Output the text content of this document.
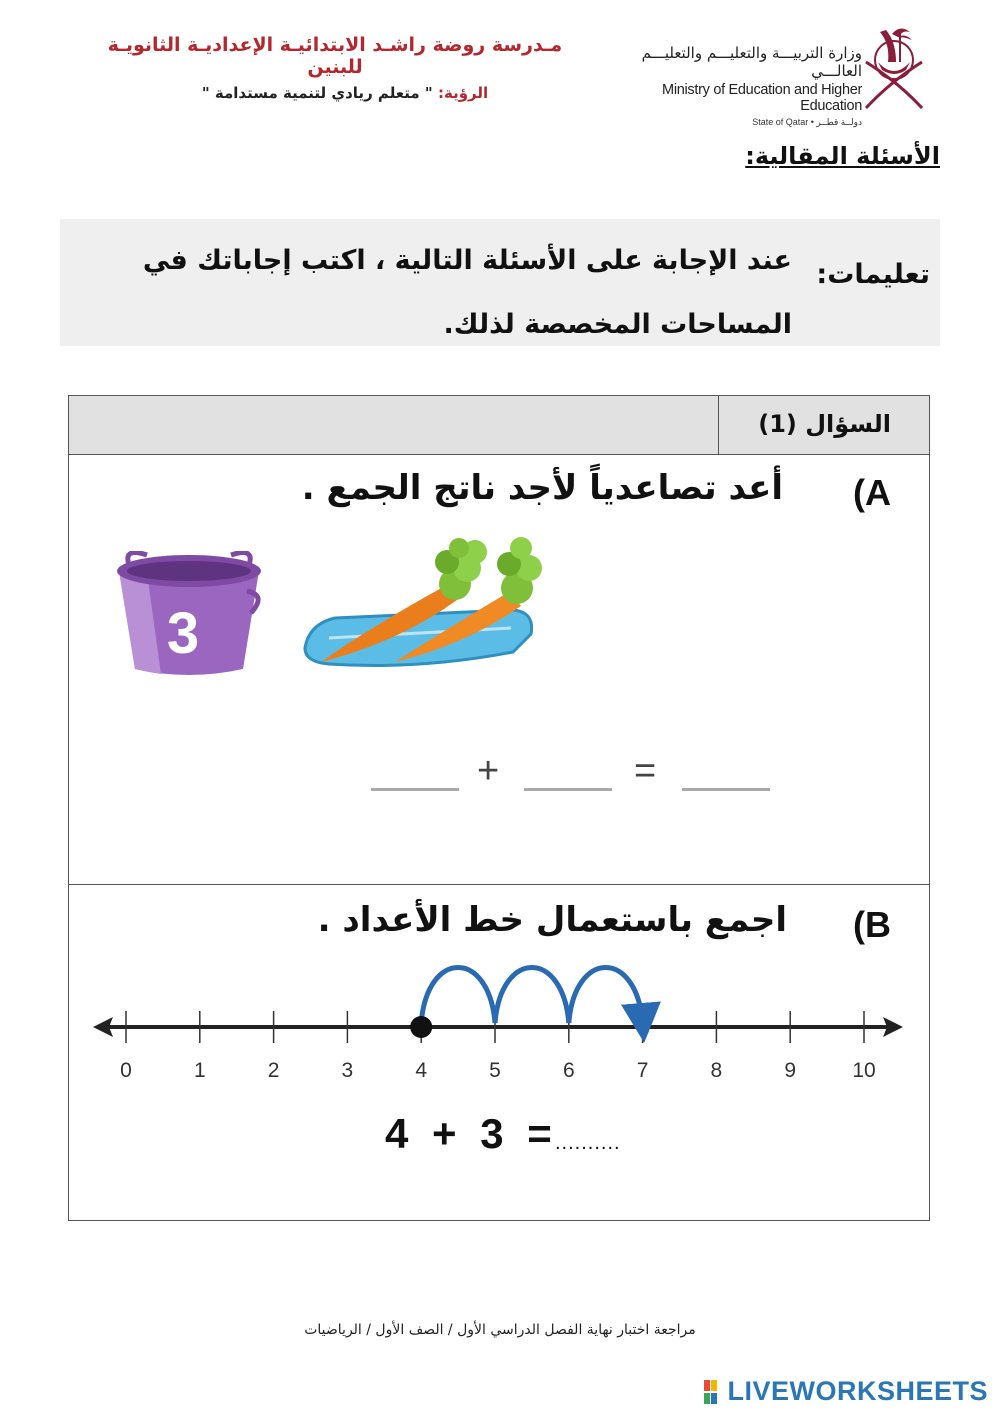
مـدرسة روضة راشـد الابتدائيـة الإعداديـة الثانويـة للبنين
الرؤية: " متعلم ريادي لتنمية مستدامة "
وزارة التربيـــة والتعليـــم والتعليـــم العالـــي
Ministry of Education and Higher Education
State of Qatar • دولــة قطــر
الأسئلة المقالية:
تعليمات:
عند الإجابة على الأسئلة التالية ، اكتب إجاباتك في المساحات المخصصة لذلك.
السؤال (1)
(A
أعد تصاعدياً لأجد ناتج الجمع .
3
+	=
(B
اجمع باستعمال خط الأعداد .
0	1	2	3	4	5	6	7	8	9	10
4 + 3 =
..........
مراجعة اختبار نهاية الفصل الدراسي الأول / الصف الأول / الرياضيات
LIVEWORKSHEETS
